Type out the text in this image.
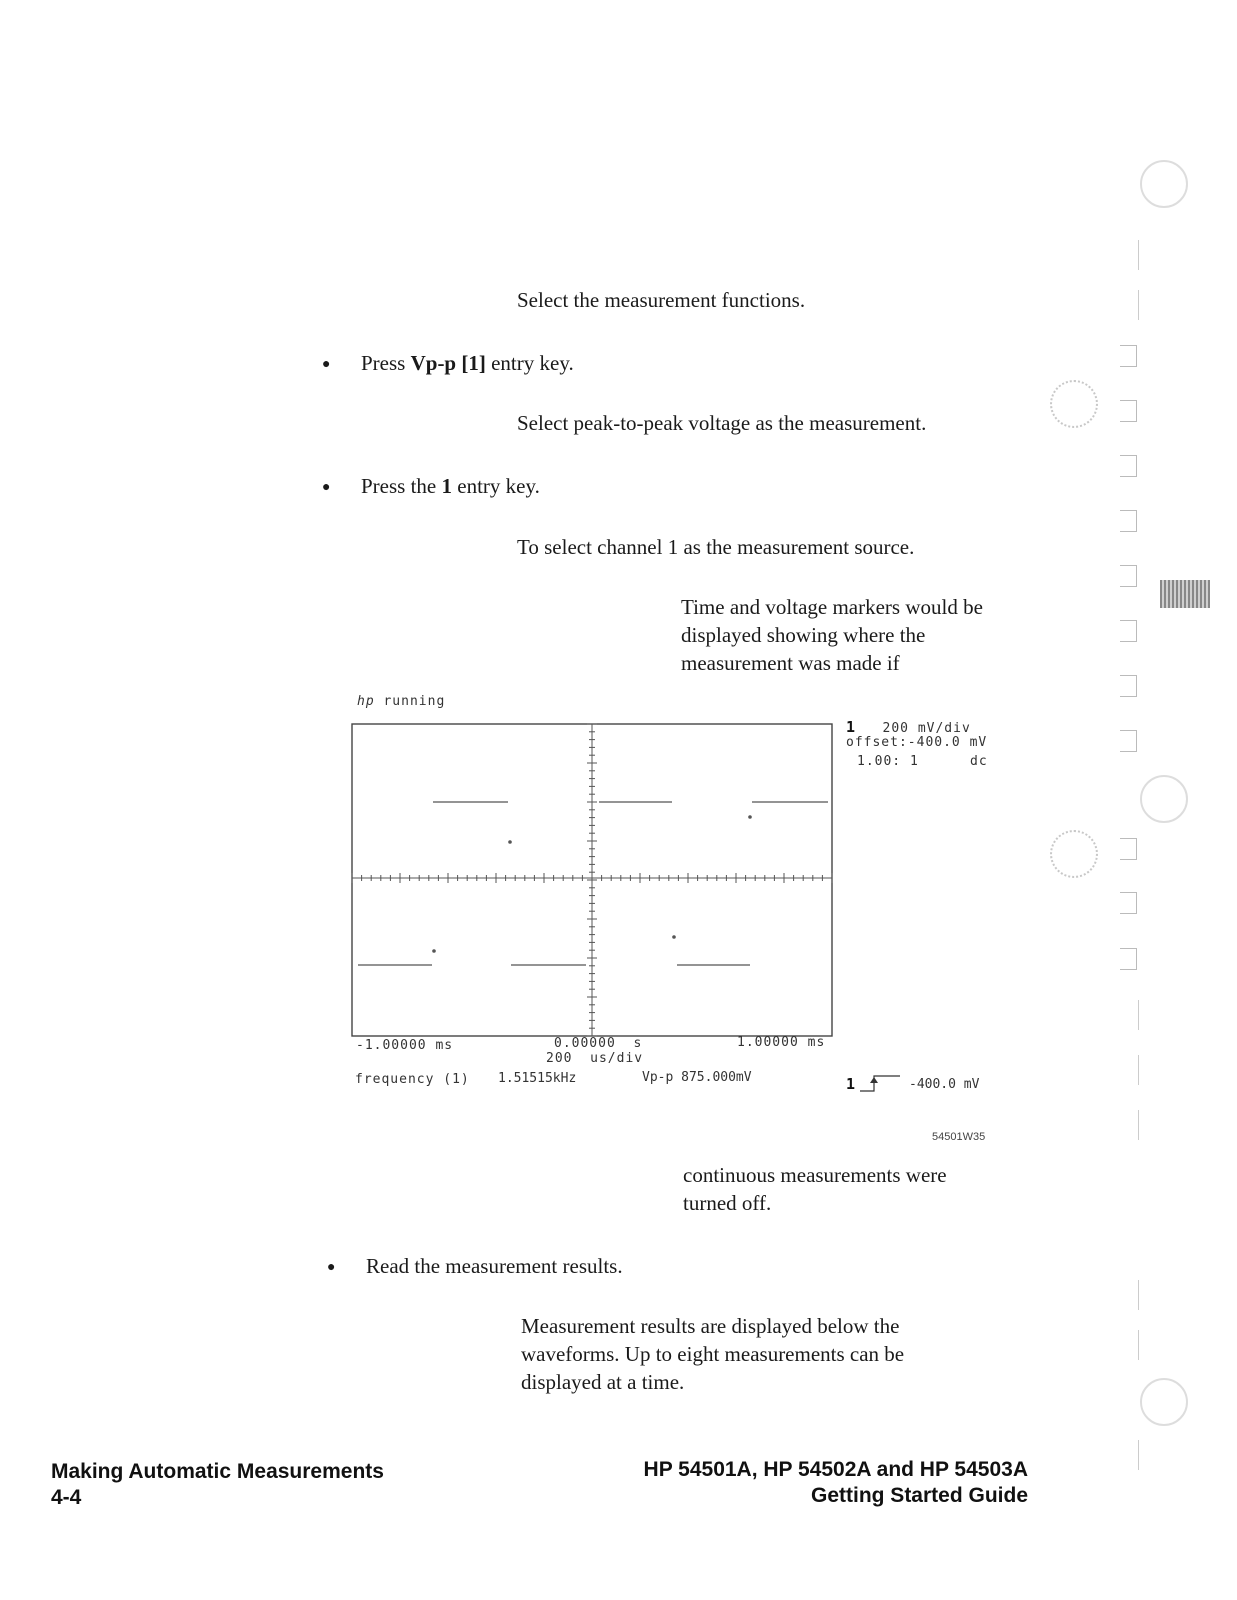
Select the measurement functions.
● Press Vp-p [1] entry key.
Select peak-to-peak voltage as the measurement.
● Press the 1 entry key.
To select channel 1 as the measurement source.
Time and voltage markers would be displayed showing where the measurement was made if
hp running
1 200 mV/div
offset:-400.0 mV
1.00: 1	dc
-1.00000 ms	0.00000  s	1.00000 ms
200  us/div
frequency (1) 1.51515kHz	Vp-p 875.000mV	1	-400.0 mV
54501W35
continuous measurements were turned off.
● Read the measurement results.
Measurement results are displayed below the waveforms. Up to eight measurements can be displayed at a time.
Making Automatic Measurements
4-4
HP 54501A, HP 54502A and HP 54503A
Getting Started Guide
